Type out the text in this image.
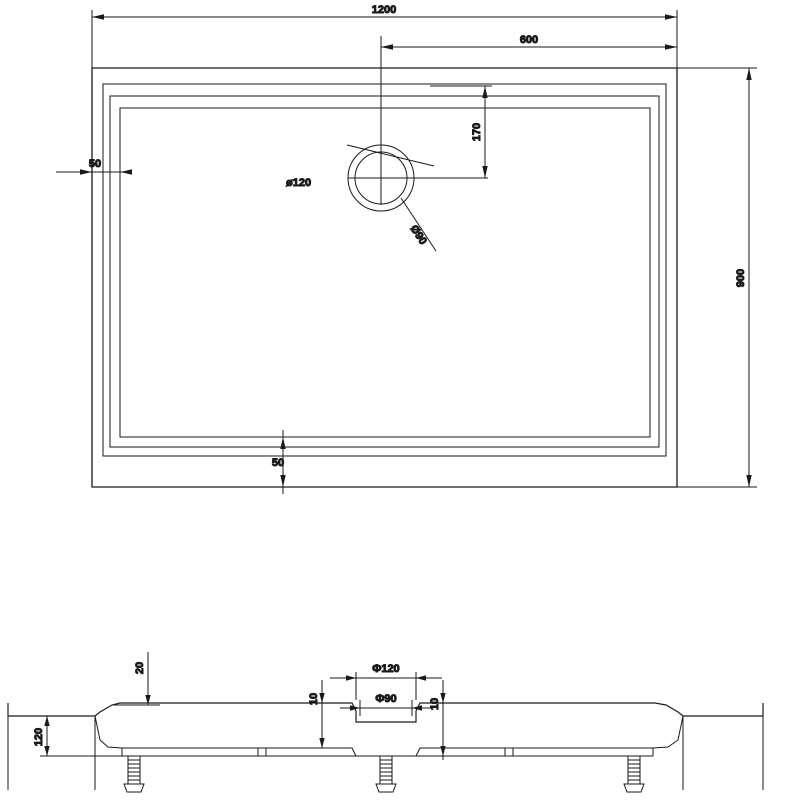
1200
600
900
170
50
50
ø120
Ø90
120
20
10	10
Φ120
Φ90
